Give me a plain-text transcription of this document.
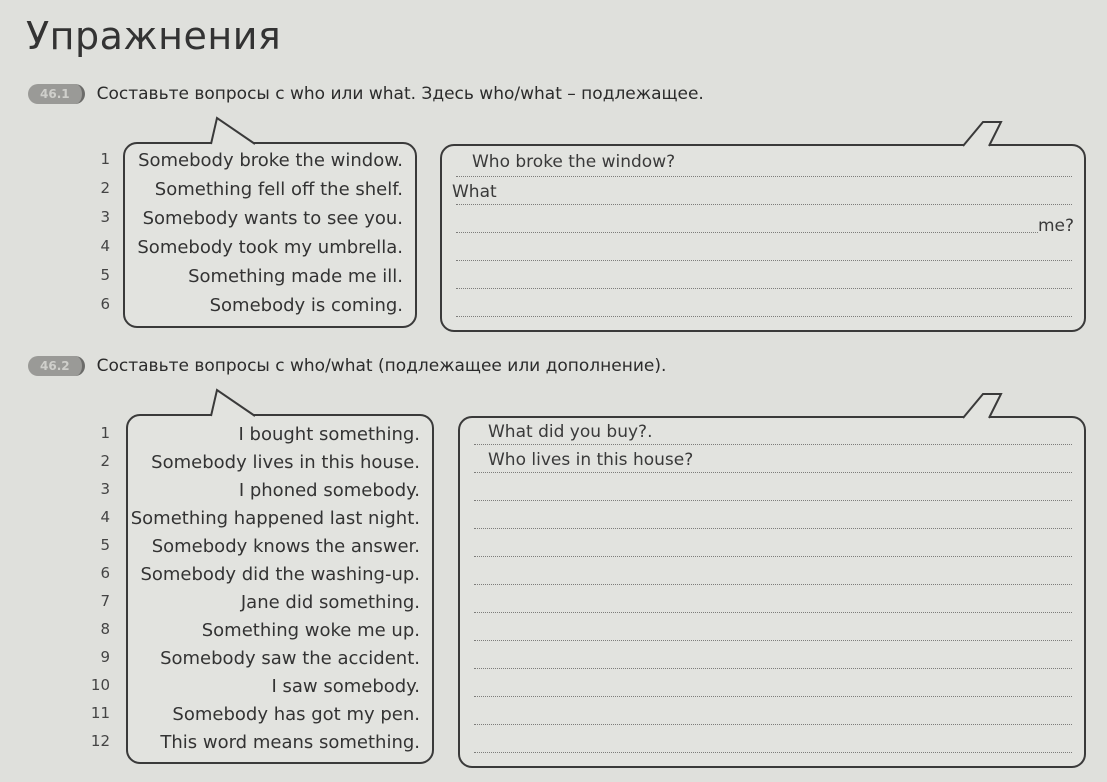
Упражнения
46.1	Составьте вопросы с who или what. Здесь who/what – подлежащее.
1
2
3
4
5
6
Somebody broke the window.
Something fell off the shelf.
Somebody wants to see you.
Somebody took my umbrella.
Something made me ill.
Somebody is coming.
Who broke the window?
What
me?
46.2	Составьте вопросы с who/what (подлежащее или дополнение).
1
2
3
4
5
6
7
8
9
10
11
12
I bought something.
Somebody lives in this house.
I phoned somebody.
Something happened last night.
Somebody knows the answer.
Somebody did the washing-up.
Jane did something.
Something woke me up.
Somebody saw the accident.
I saw somebody.
Somebody has got my pen.
This word means something.
What did you buy?.
Who lives in this house?
